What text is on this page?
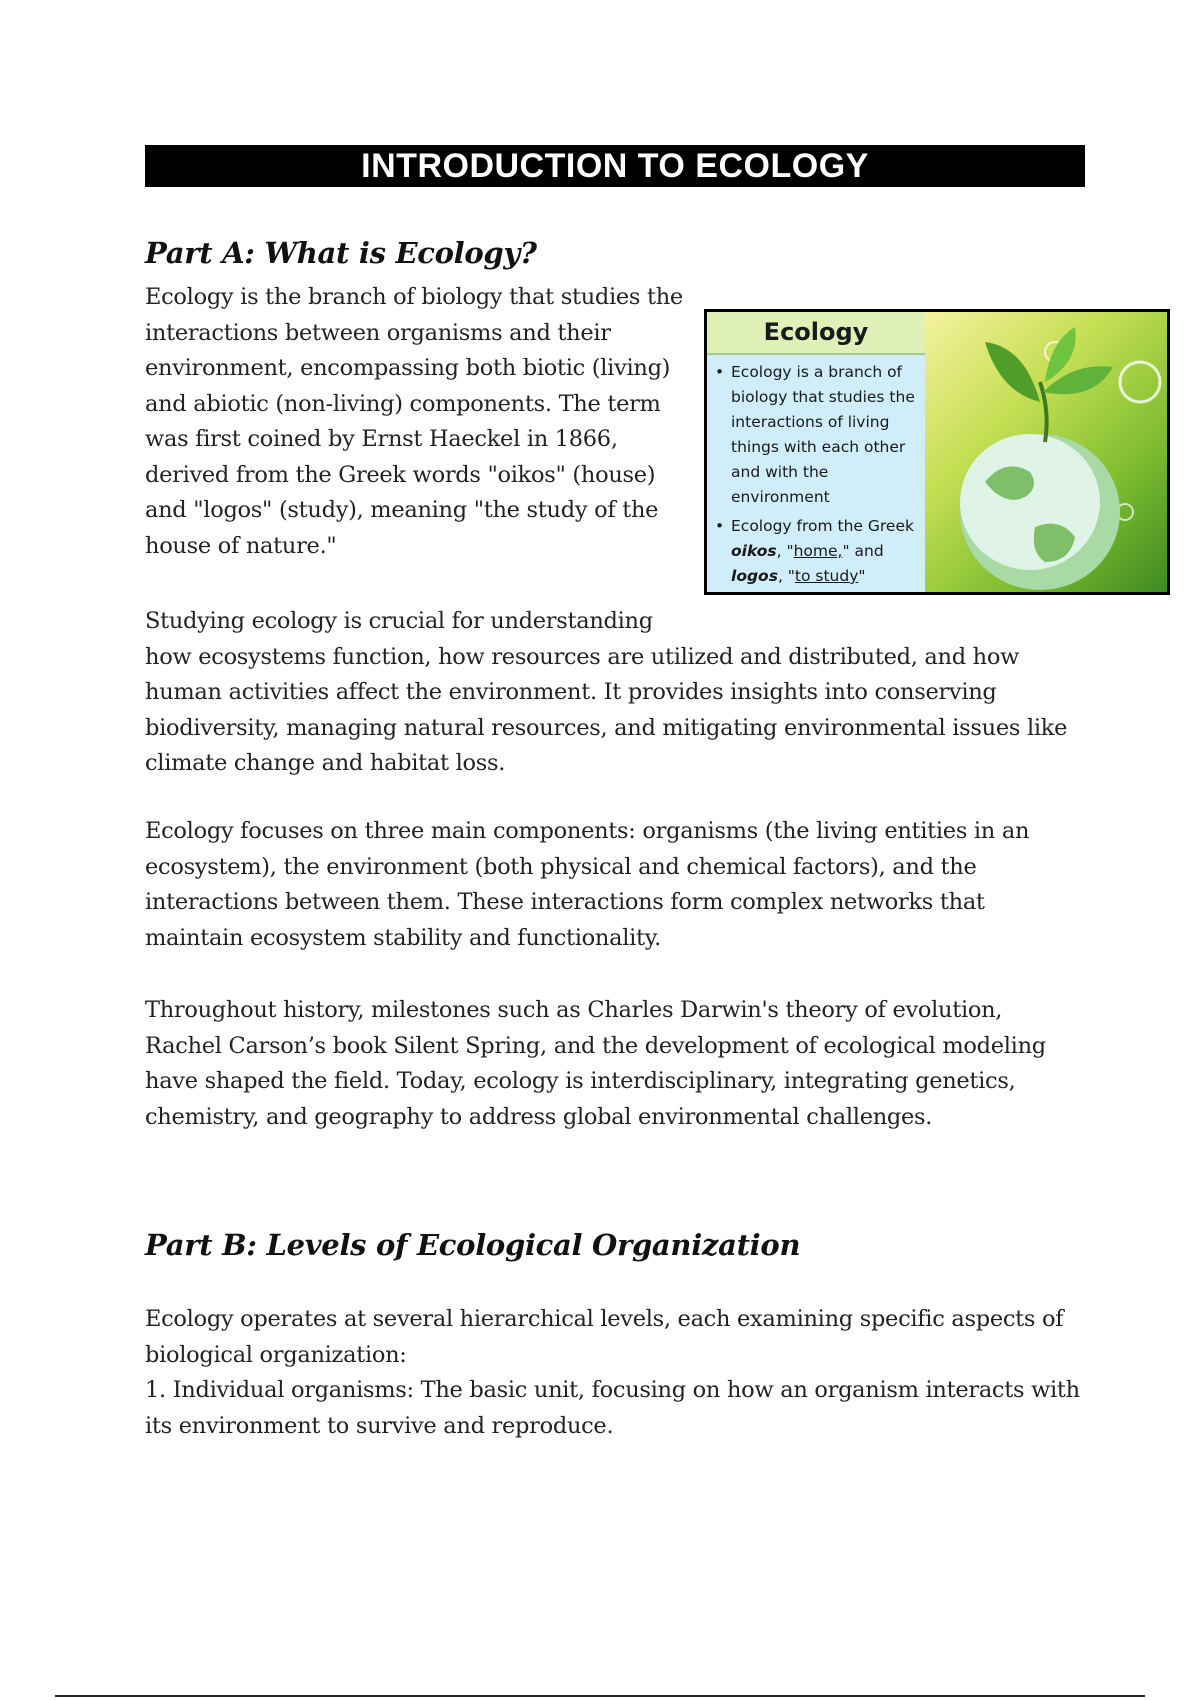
INTRODUCTION TO ECOLOGY
Part A: What is Ecology?

Ecology is the branch of biology that studies the interactions between organisms and their environment, encompassing both biotic (living) and abiotic (non-living) components. The term was first coined by Ernst Haeckel in 1866, derived from the Greek words "oikos" (house) and "logos" (study), meaning "the study of the house of nature."

Ecology
• Ecology is a branch of biology that studies the interactions of living things with each other and with the environment
• Ecology from the Greek oikos, "home," and logos, "to study"

Studying ecology is crucial for understanding
how ecosystems function, how resources are utilized and distributed, and how human activities affect the environment. It provides insights into conserving biodiversity, managing natural resources, and mitigating environmental issues like climate change and habitat loss.

Ecology focuses on three main components: organisms (the living entities in an ecosystem), the environment (both physical and chemical factors), and the interactions between them. These interactions form complex networks that maintain ecosystem stability and functionality.

Throughout history, milestones such as Charles Darwin's theory of evolution, Rachel Carson’s book Silent Spring, and the development of ecological modeling have shaped the field. Today, ecology is interdisciplinary, integrating genetics, chemistry, and geography to address global environmental challenges.

Part B: Levels of Ecological Organization

Ecology operates at several hierarchical levels, each examining specific aspects of biological organization:
1. Individual organisms: The basic unit, focusing on how an organism interacts with its environment to survive and reproduce.
